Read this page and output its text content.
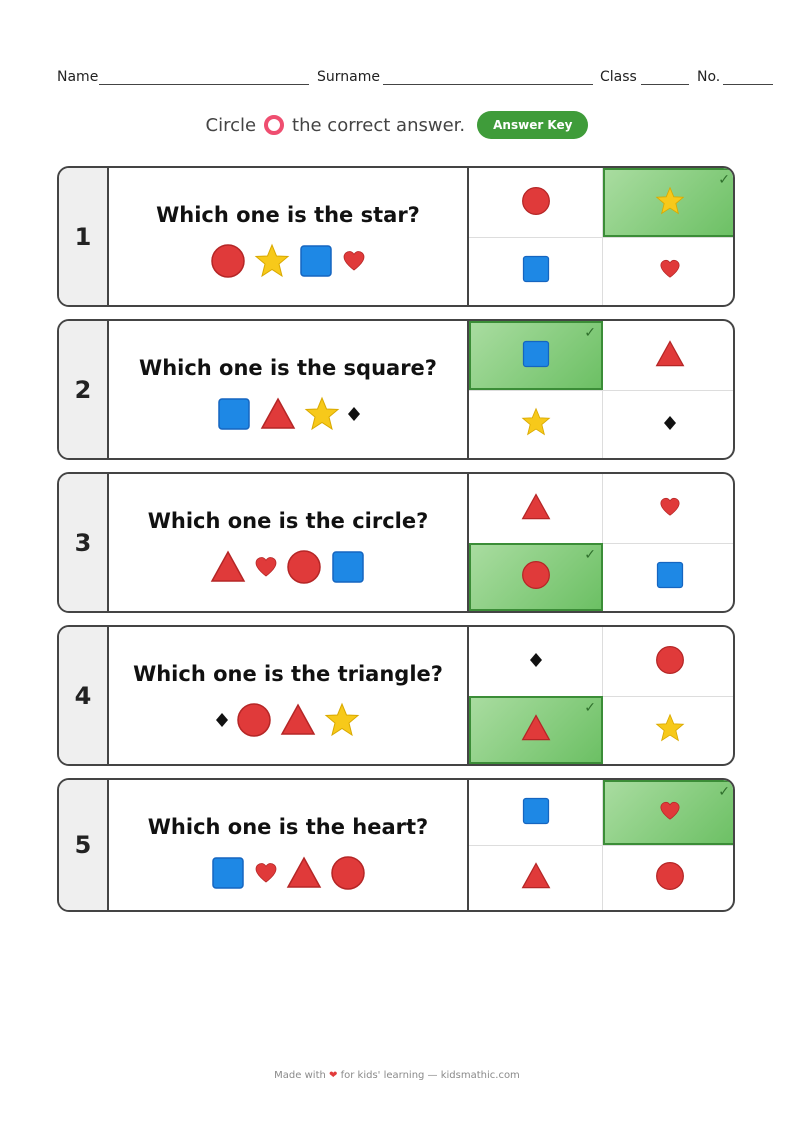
Name	Surname	Class	No.
Circle the correct answer.	Answer Key
1
Which one is the star?
✓
2
Which one is the square?
✓
3
Which one is the circle?
✓
4
Which one is the triangle?
✓
5
Which one is the heart?
✓
Made with ❤ for kids' learning — kidsmathic.com
